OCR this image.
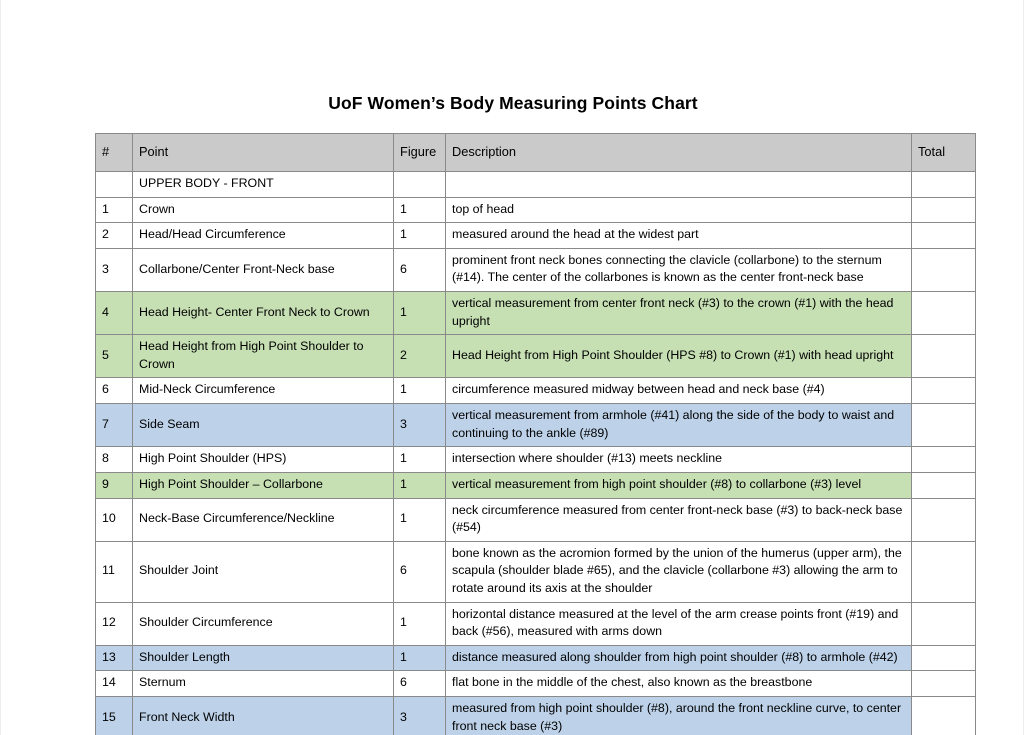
UoF Women’s Body Measuring Points Chart
#	Point	Figure	Description	Total
	UPPER BODY - FRONT			
1	Crown	1	top of head	
2	Head/Head Circumference	1	measured around the head at the widest part	
3	Collarbone/Center Front-Neck base	6	prominent front neck bones connecting the clavicle (collarbone) to the sternum (#14). The center of the collarbones is known as the center front-neck base	
4	Head Height- Center Front Neck to Crown	1	vertical measurement from center front neck (#3) to the crown (#1) with the head upright	
5	Head Height from High Point Shoulder to Crown	2	Head Height from High Point Shoulder (HPS #8) to Crown (#1) with head upright	
6	Mid-Neck Circumference	1	circumference measured midway between head and neck base (#4)	
7	Side Seam	3	vertical measurement from armhole (#41) along the side of the body to waist and continuing to the ankle (#89)	
8	High Point Shoulder (HPS)	1	intersection where shoulder (#13) meets neckline	
9	High Point Shoulder – Collarbone	1	vertical measurement from high point shoulder (#8) to collarbone (#3) level	
10	Neck-Base Circumference/Neckline	1	neck circumference measured from center front-neck base (#3) to back-neck base (#54)	
11	Shoulder Joint	6	bone known as the acromion formed by the union of the humerus (upper arm), the scapula (shoulder blade #65), and the clavicle (collarbone #3) allowing the arm to rotate around its axis at the shoulder	
12	Shoulder Circumference	1	horizontal distance measured at the level of the arm crease points front (#19) and back (#56), measured with arms down	
13	Shoulder Length	1	distance measured along shoulder from high point shoulder (#8) to armhole (#42)	
14	Sternum	6	flat bone in the middle of the chest, also known as the breastbone	
15	Front Neck Width	3	measured from high point shoulder (#8), around the front neckline curve, to center front neck base (#3)	
